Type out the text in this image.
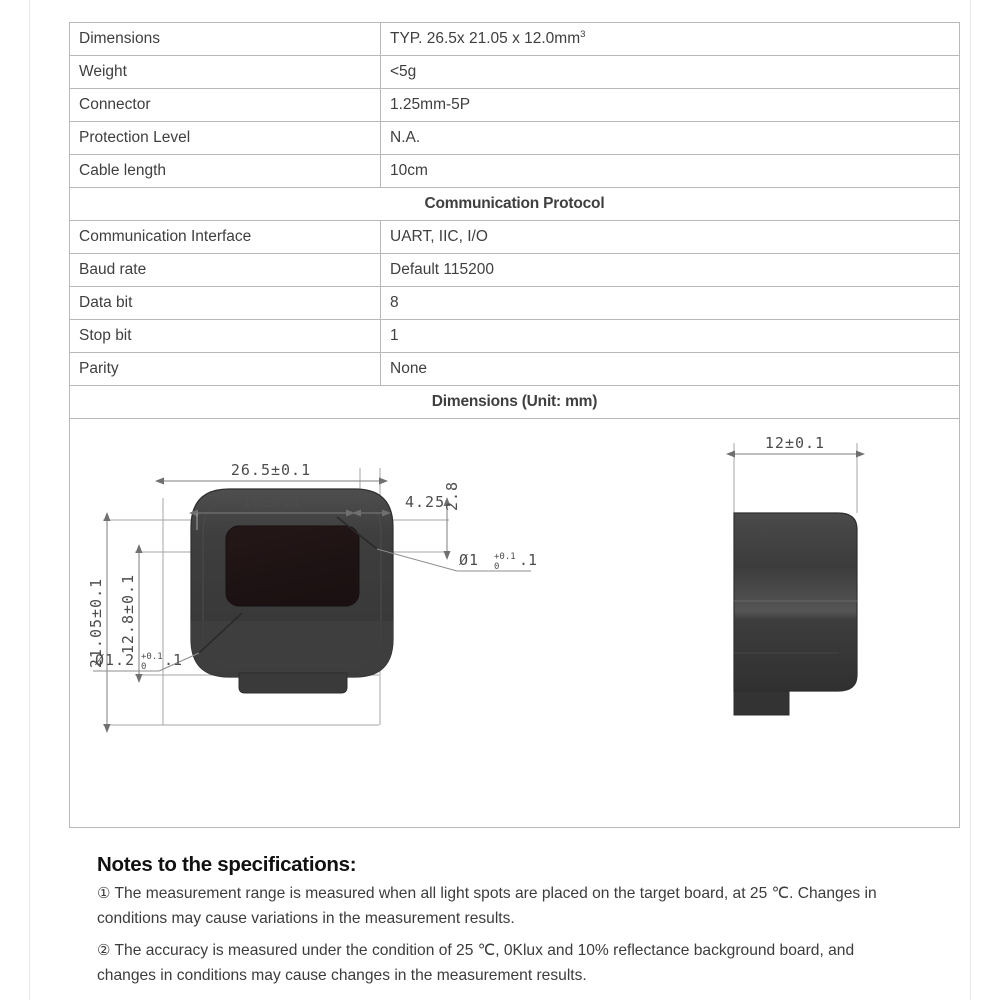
Dimensions	TYP. 26.5x 21.05 x $12.0mm^3$
Weight	<5g
Connector	1.25mm-5P
Protection Level	N.A.
Cable length	10cm
Communication Protocol	
Communication Interface	UART, IIC, I/O
Baud rate	Default 115200
Data bit	8
Stop bit	1
Parity	None
Dimensions (Unit: mm)	

26.5±0.1
18±0.1	4.25
2.8
21.05±0.1 12.8±0.1
Ø1 +0.1
0 .1
Ø1.2 +0.1
0 .1
12±0.1
Notes to the specifications:

① The measurement range is measured when all light spots are placed on the target board, at 25 ℃. Changes in conditions may cause variations in the measurement results.

② The accuracy is measured under the condition of 25 ℃, 0Klux and 10% reflectance background board, and changes in conditions may cause changes in the measurement results.
